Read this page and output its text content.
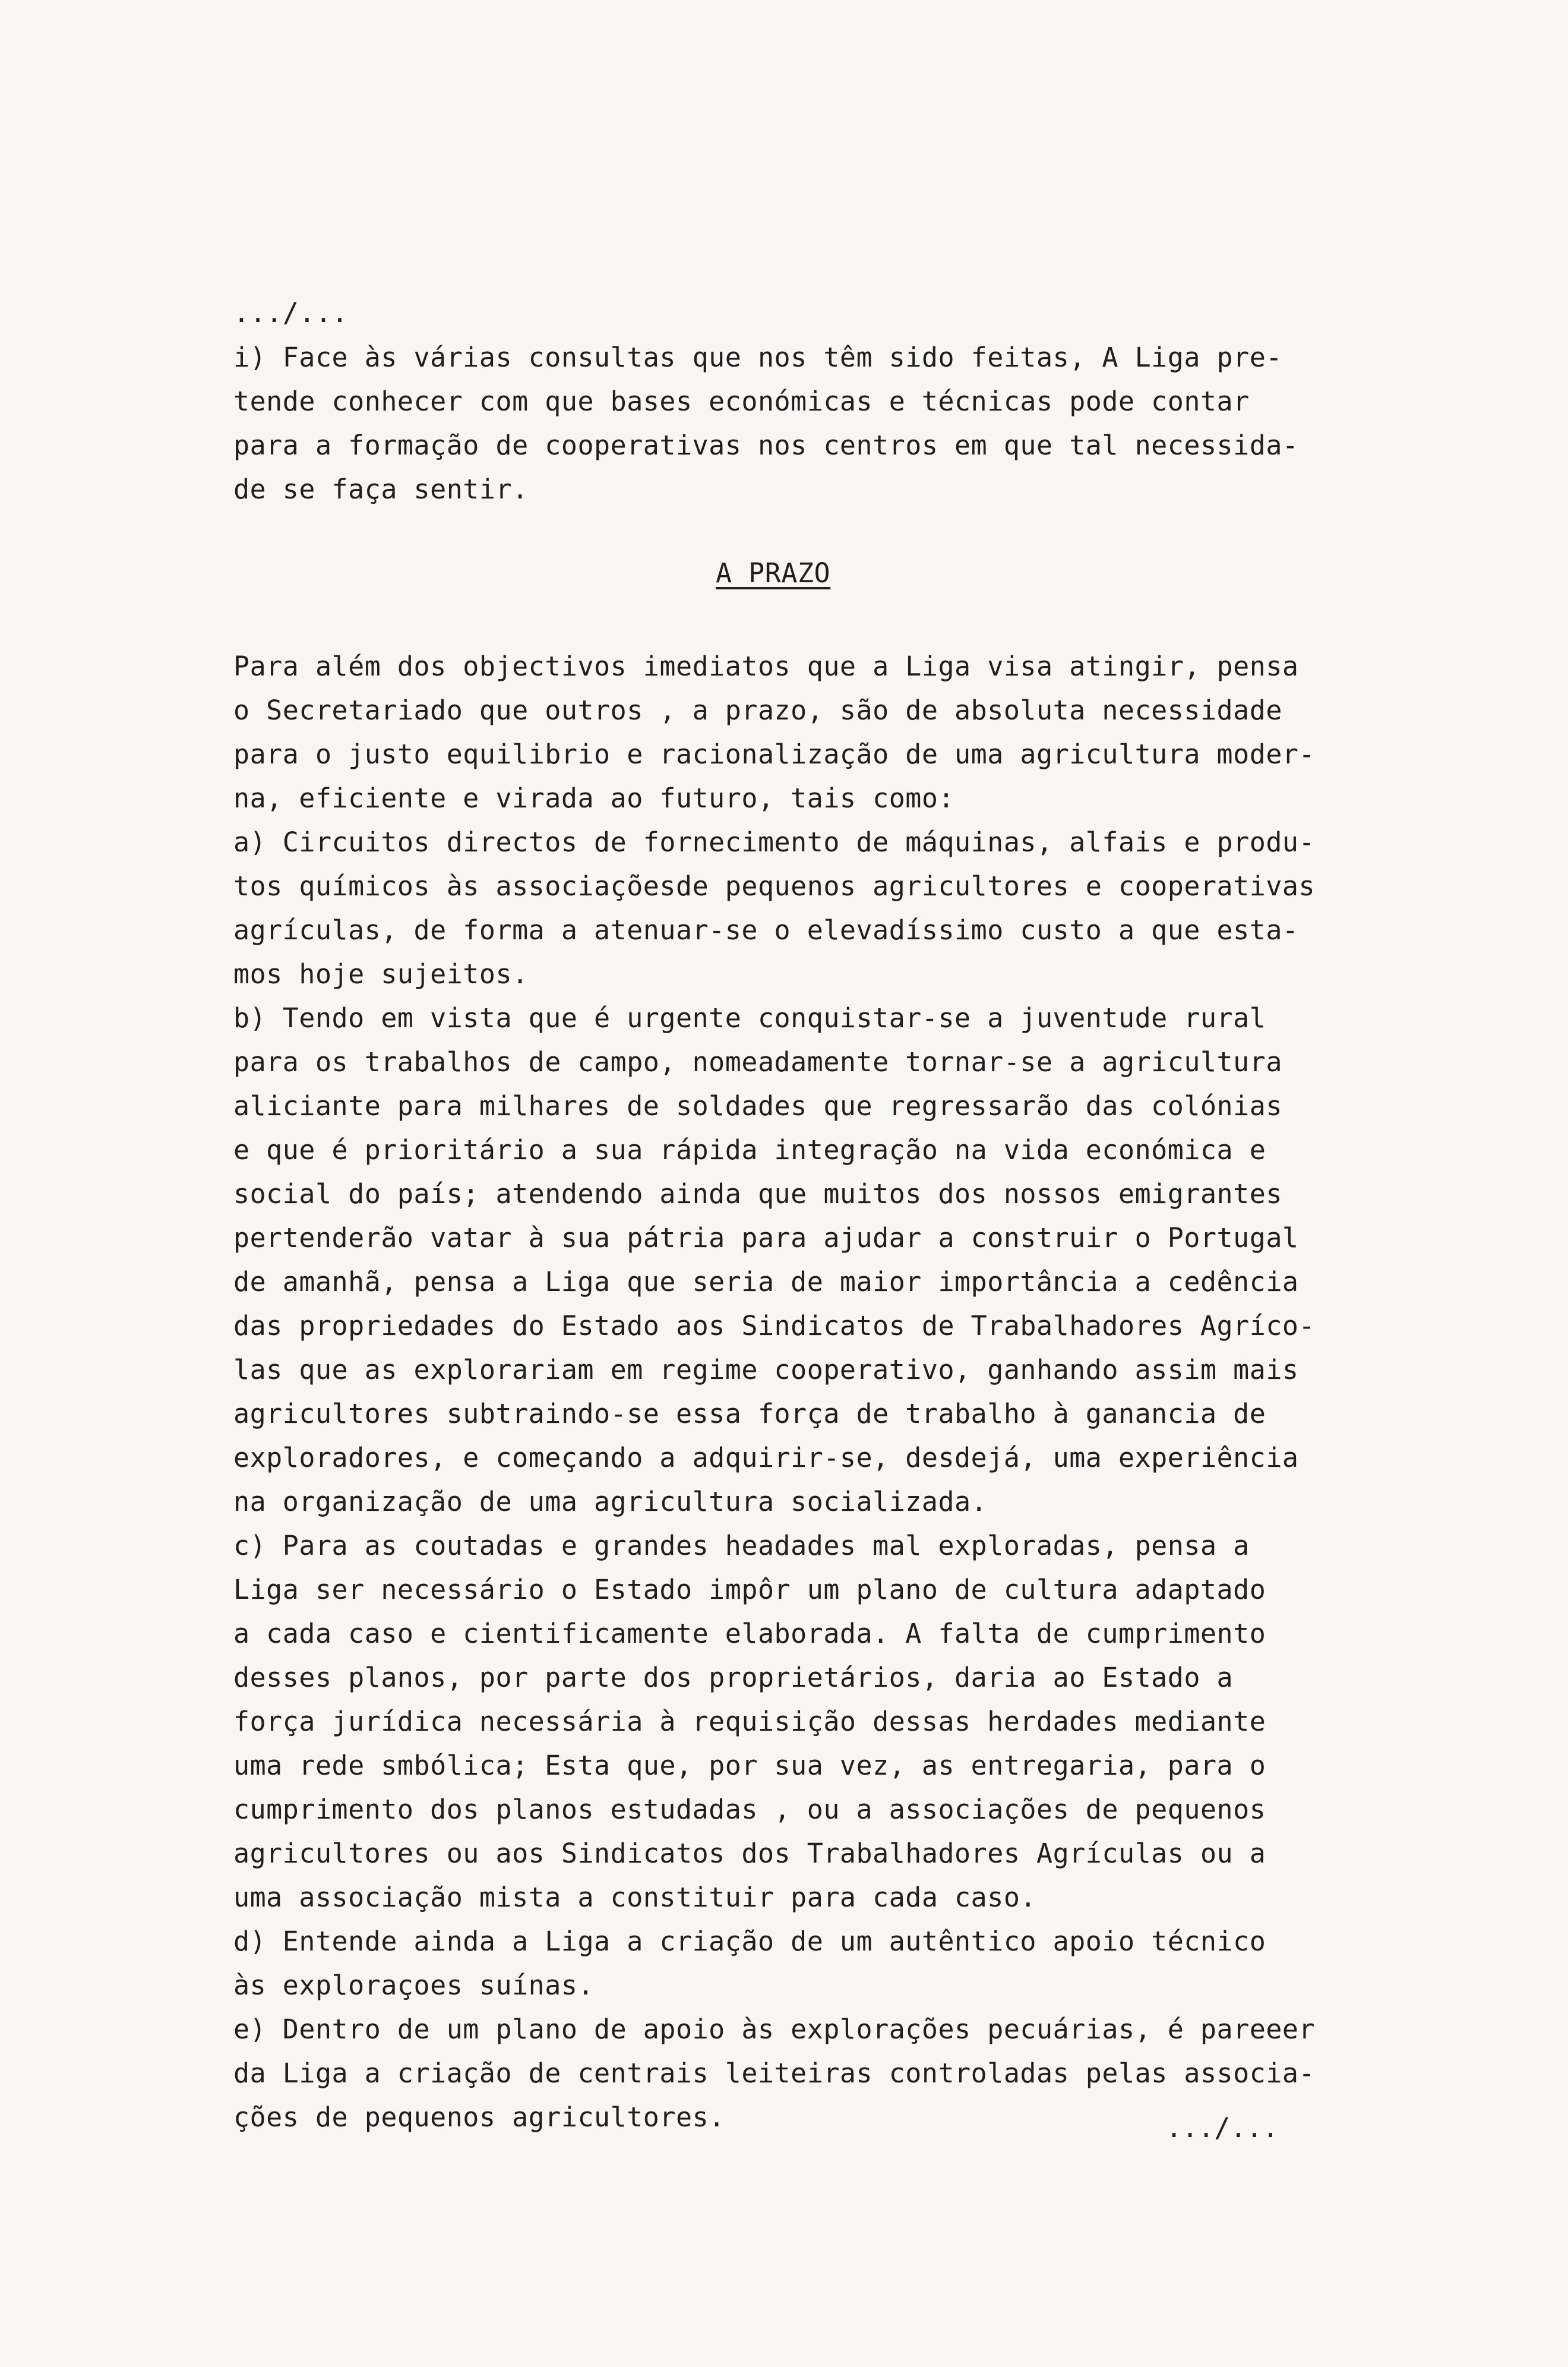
.../...
i) Face às várias consultas que nos têm sido feitas, A Liga pre-
tende conhecer com que bases económicas e técnicas pode contar
para a formação de cooperativas nos centros em que tal necessida-
de se faça sentir.
A PRAZO
Para além dos objectivos imediatos que a Liga visa atingir, pensa
o Secretariado que outros , a prazo, são de absoluta necessidade
para o justo equilibrio e racionalização de uma agricultura moder-
na, eficiente e virada ao futuro, tais como:
a) Circuitos directos de fornecimento de máquinas, alfais e produ-
tos químicos às associaçõesde pequenos agricultores e cooperativas
agrículas, de forma a atenuar-se o elevadíssimo custo a que esta-
mos hoje sujeitos.
b) Tendo em vista que é urgente conquistar-se a juventude rural
para os trabalhos de campo, nomeadamente tornar-se a agricultura
aliciante para milhares de soldades que regressarão das colónias
e que é prioritário a sua rápida integração na vida económica e
social do país; atendendo ainda que muitos dos nossos emigrantes
pertenderão vatar à sua pátria para ajudar a construir o Portugal
de amanhã, pensa a Liga que seria de maior importância a cedência
das propriedades do Estado aos Sindicatos de Trabalhadores Agríco-
las que as explorariam em regime cooperativo, ganhando assim mais
agricultores subtraindo-se essa força de trabalho à ganancia de
exploradores, e começando a adquirir-se, desdejá, uma experiência
na organização de uma agricultura socializada.
c) Para as coutadas e grandes headades mal exploradas, pensa a
Liga ser necessário o Estado impôr um plano de cultura adaptado
a cada caso e cientificamente elaborada. A falta de cumprimento
desses planos, por parte dos proprietários, daria ao Estado a
força jurídica necessária à requisição dessas herdades mediante
uma rede smbólica; Esta que, por sua vez, as entregaria, para o
cumprimento dos planos estudadas , ou a associações de pequenos
agricultores ou aos Sindicatos dos Trabalhadores Agrículas ou a
uma associação mista a constituir para cada caso.
d) Entende ainda a Liga a criação de um autêntico apoio técnico
às exploraçoes suínas.
e) Dentro de um plano de apoio às explorações pecuárias, é pareeer
da Liga a criação de centrais leiteiras controladas pelas associa-
ções de pequenos agricultores.	.../...
